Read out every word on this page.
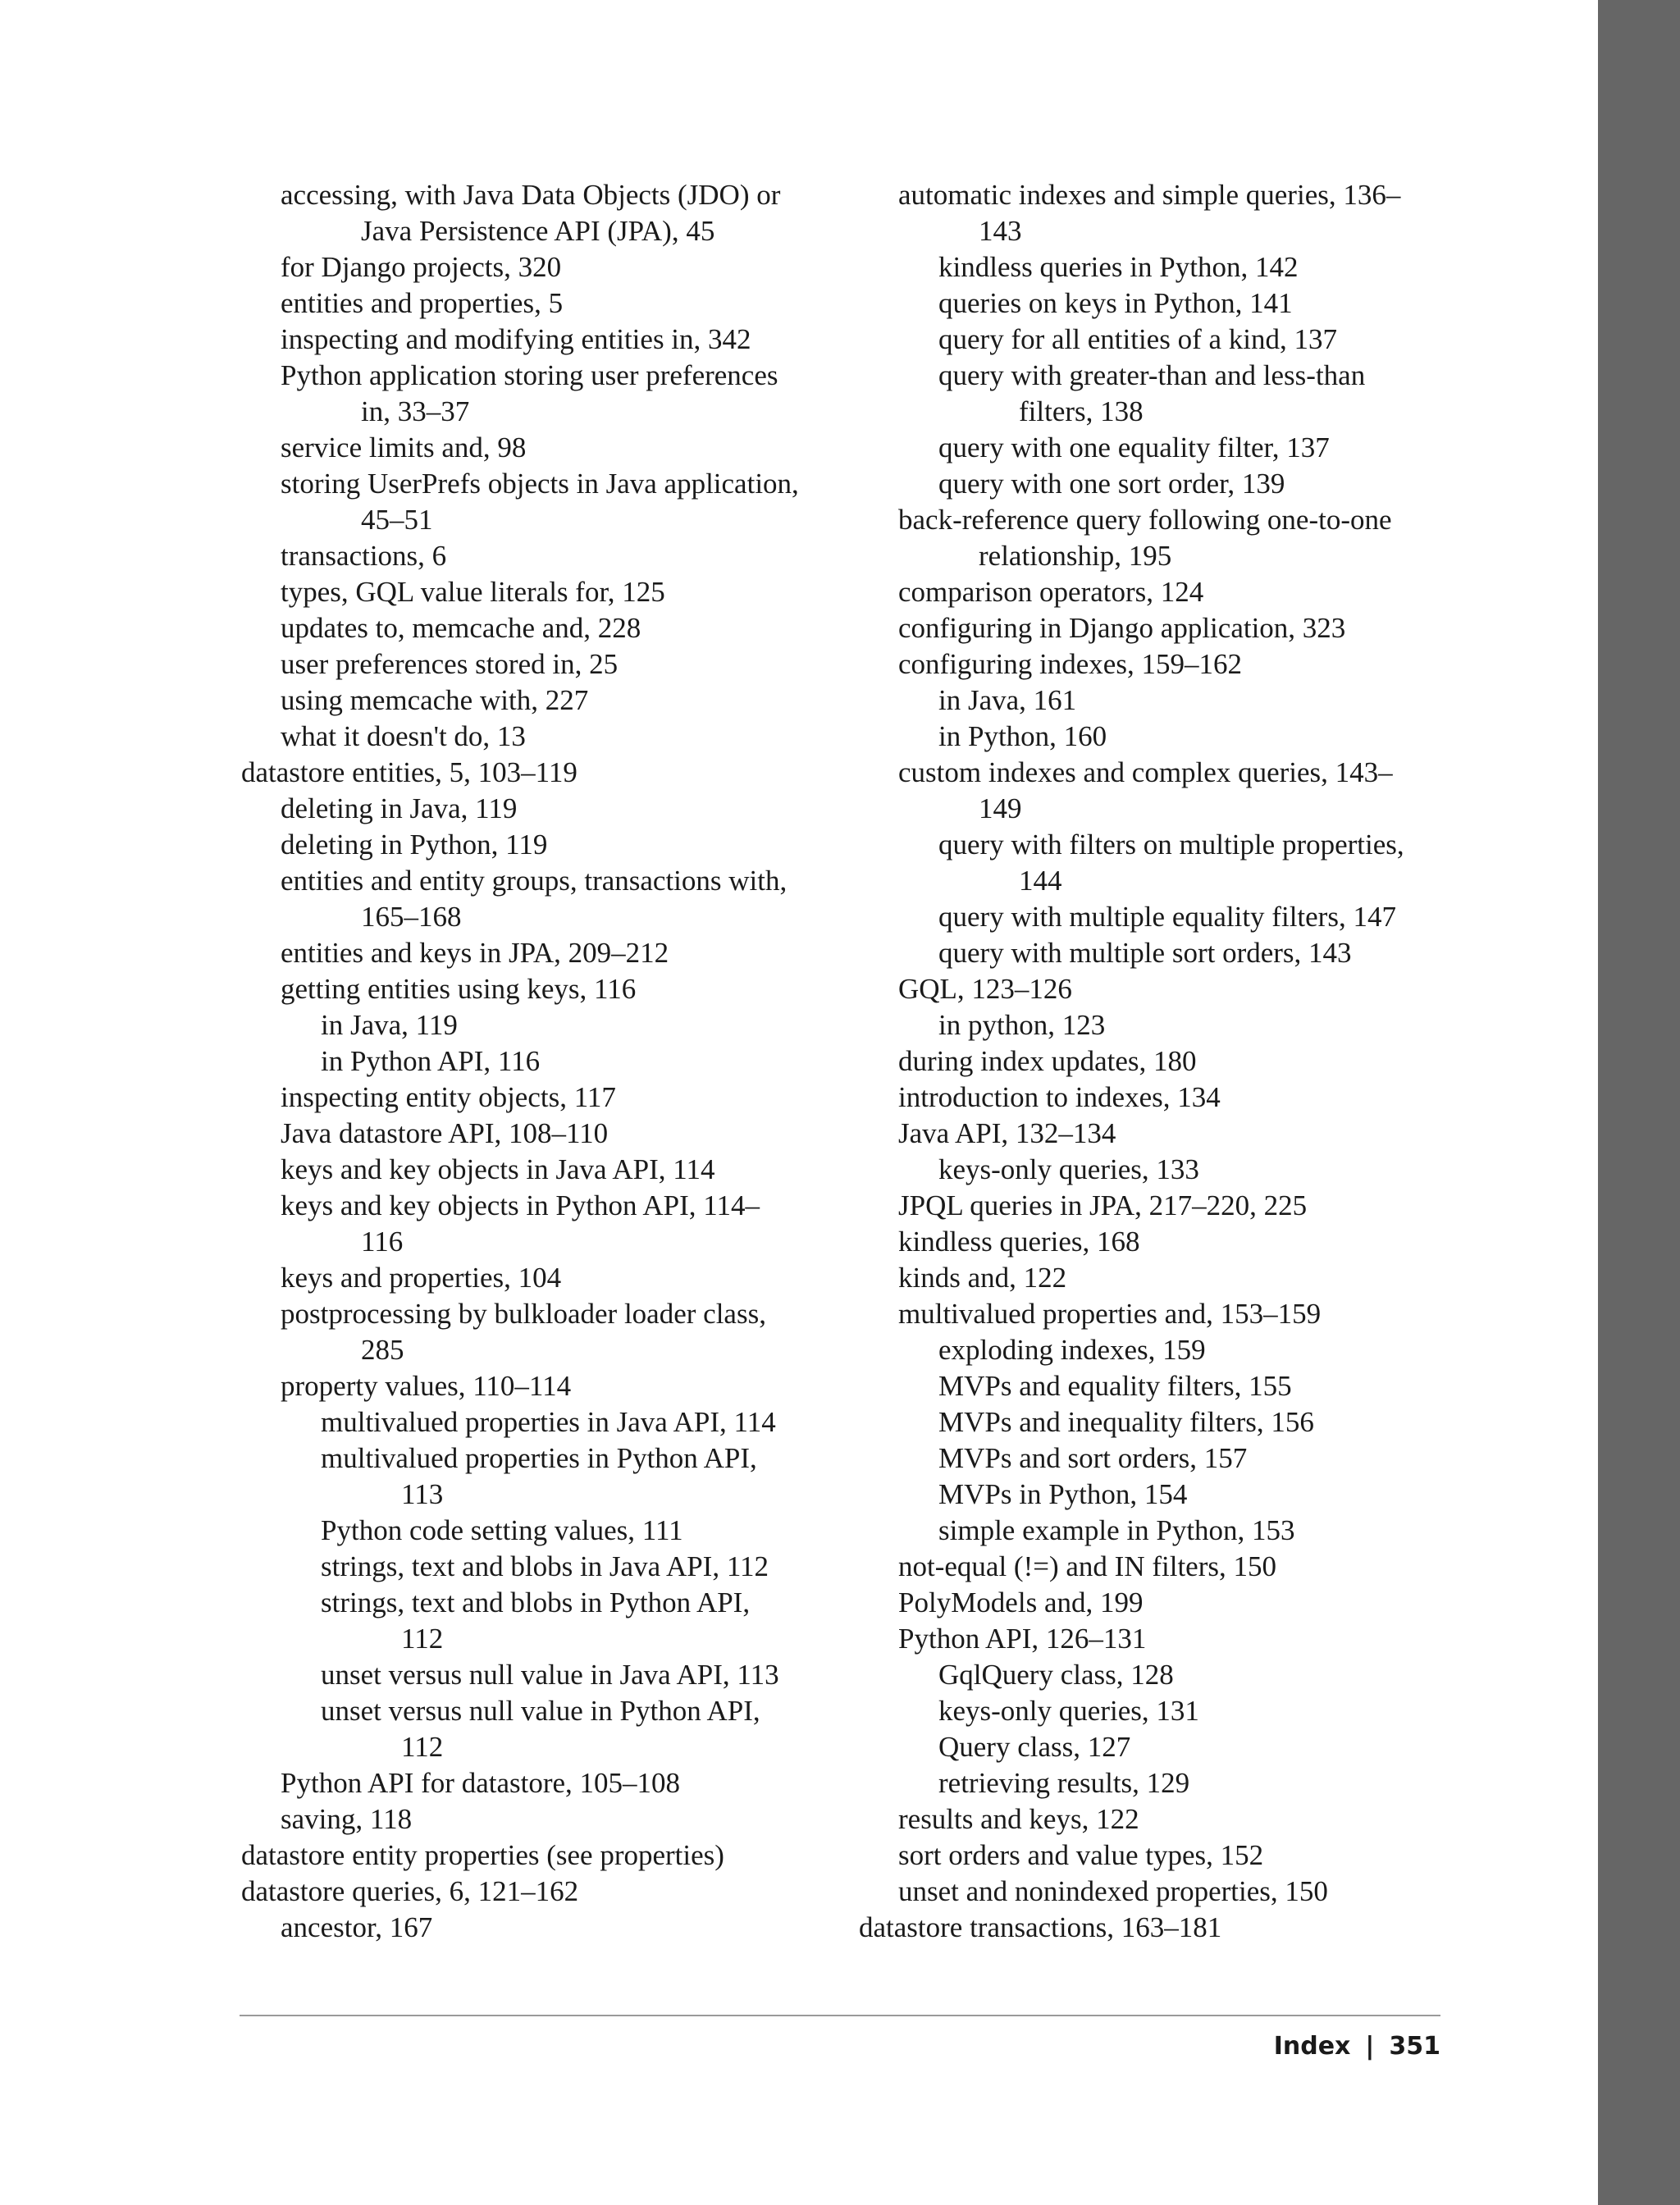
accessing, with Java Data Objects (JDO) or
Java Persistence API (JPA), 45
for Django projects, 320
entities and properties, 5
inspecting and modifying entities in, 342
Python application storing user preferences
in, 33–37
service limits and, 98
storing UserPrefs objects in Java application,
45–51
transactions, 6
types, GQL value literals for, 125
updates to, memcache and, 228
user preferences stored in, 25
using memcache with, 227
what it doesn't do, 13
datastore entities, 5, 103–119
deleting in Java, 119
deleting in Python, 119
entities and entity groups, transactions with,
165–168
entities and keys in JPA, 209–212
getting entities using keys, 116
in Java, 119
in Python API, 116
inspecting entity objects, 117
Java datastore API, 108–110
keys and key objects in Java API, 114
keys and key objects in Python API, 114–
116
keys and properties, 104
postprocessing by bulkloader loader class,
285
property values, 110–114
multivalued properties in Java API, 114
multivalued properties in Python API,
113
Python code setting values, 111
strings, text and blobs in Java API, 112
strings, text and blobs in Python API,
112
unset versus null value in Java API, 113
unset versus null value in Python API,
112
Python API for datastore, 105–108
saving, 118
datastore entity properties (see properties)
datastore queries, 6, 121–162
ancestor, 167
automatic indexes and simple queries, 136–
143
kindless queries in Python, 142
queries on keys in Python, 141
query for all entities of a kind, 137
query with greater-than and less-than
filters, 138
query with one equality filter, 137
query with one sort order, 139
back-reference query following one-to-one
relationship, 195
comparison operators, 124
configuring in Django application, 323
configuring indexes, 159–162
in Java, 161
in Python, 160
custom indexes and complex queries, 143–
149
query with filters on multiple properties,
144
query with multiple equality filters, 147
query with multiple sort orders, 143
GQL, 123–126
in python, 123
during index updates, 180
introduction to indexes, 134
Java API, 132–134
keys-only queries, 133
JPQL queries in JPA, 217–220, 225
kindless queries, 168
kinds and, 122
multivalued properties and, 153–159
exploding indexes, 159
MVPs and equality filters, 155
MVPs and inequality filters, 156
MVPs and sort orders, 157
MVPs in Python, 154
simple example in Python, 153
not-equal (!=) and IN filters, 150
PolyModels and, 199
Python API, 126–131
GqlQuery class, 128
keys-only queries, 131
Query class, 127
retrieving results, 129
results and keys, 122
sort orders and value types, 152
unset and nonindexed properties, 150
datastore transactions, 163–181
Index | 351
